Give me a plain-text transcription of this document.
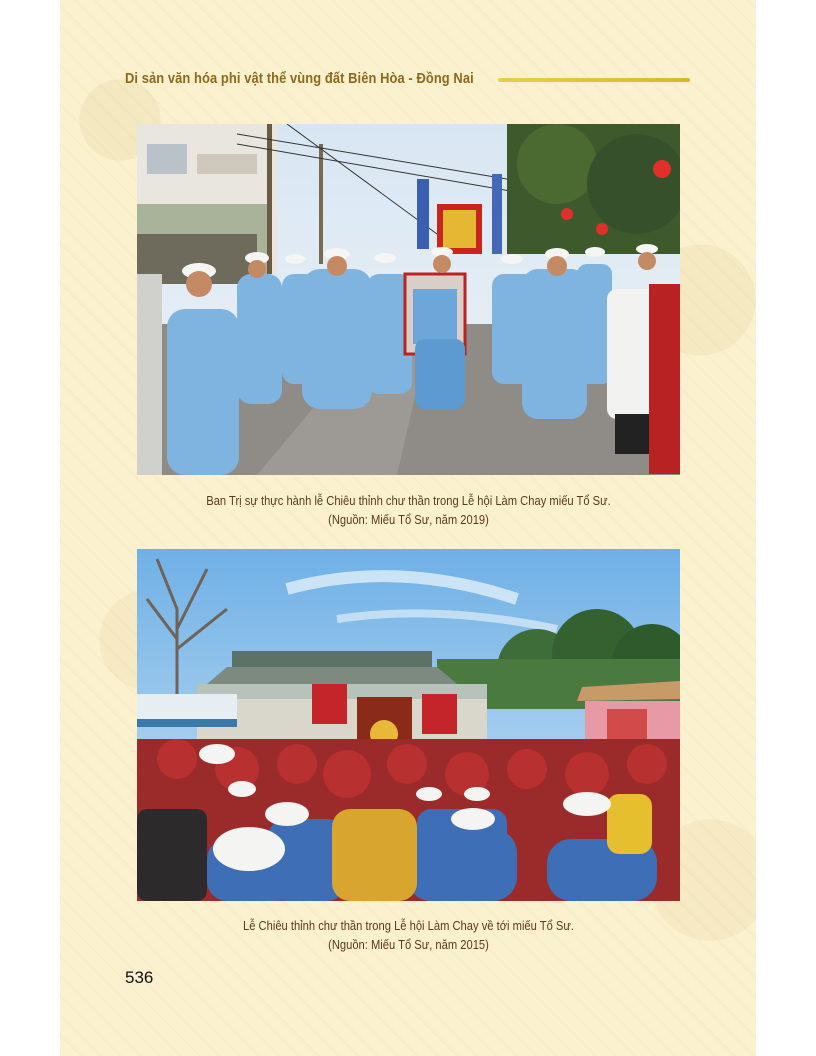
Di sản văn hóa phi vật thể vùng đất Biên Hòa - Đồng Nai
Ban Trị sự thực hành lễ Chiêu thỉnh chư thần trong Lễ hội Làm Chay miếu Tổ Sư.
(Nguồn: Miếu Tổ Sư, năm 2019)
Lễ Chiêu thỉnh chư thần trong Lễ hội Làm Chay về tới miếu Tổ Sư.
(Nguồn: Miếu Tổ Sư, năm 2015)
536
